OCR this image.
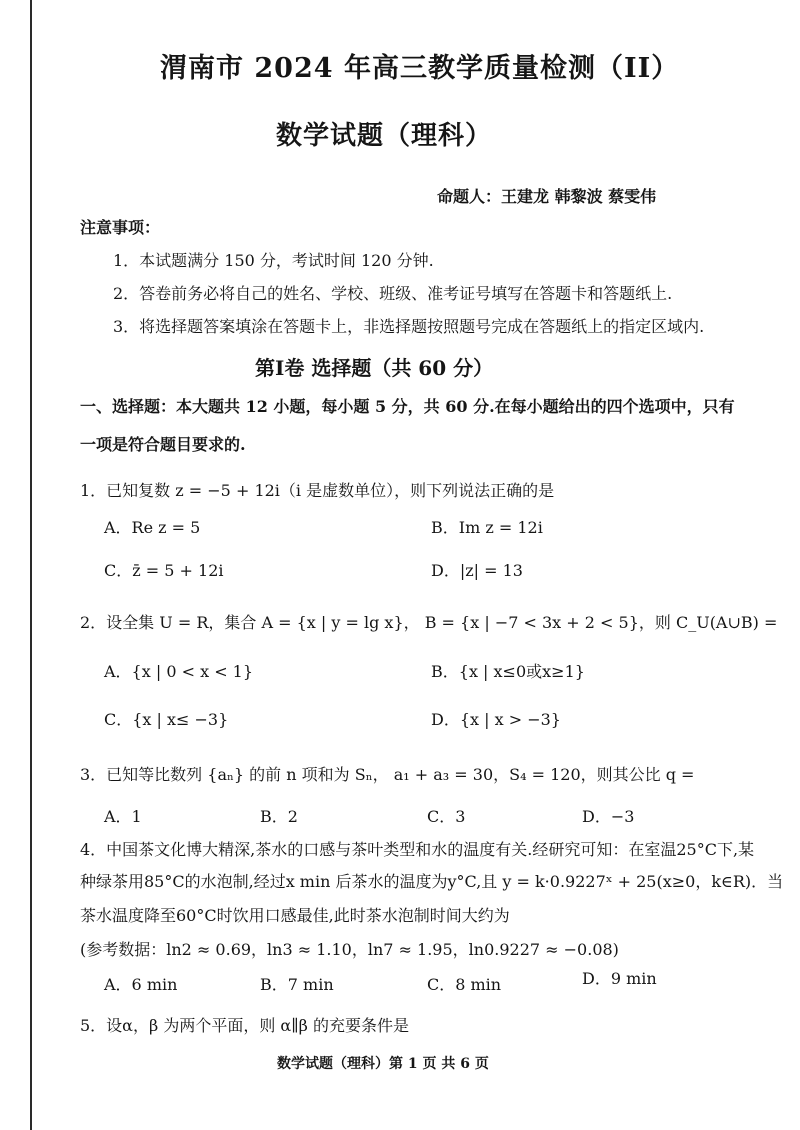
渭南市 2024 年高三教学质量检测（II）
数学试题（理科）
命题人：王建龙 韩黎波 蔡雯伟
注意事项：
1．本试题满分 150 分，考试时间 120 分钟.
2．答卷前务必将自己的姓名、学校、班级、准考证号填写在答题卡和答题纸上.
3．将选择题答案填涂在答题卡上，非选择题按照题号完成在答题纸上的指定区域内.
第Ⅰ卷 选择题（共 60 分）
一、选择题：本大题共 12 小题，每小题 5 分，共 60 分.在每小题给出的四个选项中，只有
一项是符合题目要求的.
1．已知复数 z = −5 + 12i（i 是虚数单位），则下列说法正确的是
A．Re z = 5	B．Im z = 12i
C．z̄ = 5 + 12i	D．|z| = 13
2．设全集 U = R，集合 A = {x | y = lg x}， B = {x | −7 < 3x + 2 < 5}，则 C_U(A∪B) =
A．{x | 0 < x < 1}	B．{x | x≤0或x≥1}
C．{x | x≤ −3}	D．{x | x > −3}
3．已知等比数列 {aₙ} 的前 n 项和为 Sₙ， a₁ + a₃ = 30，S₄ = 120，则其公比 q =
A．1	B．2	C．3	D．−3
4．中国茶文化博大精深,茶水的口感与茶叶类型和水的温度有关.经研究可知：在室温25°C下,某
种绿茶用85°C的水泡制,经过x min 后茶水的温度为y°C,且 y = k·0.9227ˣ + 25(x≥0，k∈R)．当
茶水温度降至60°C时饮用口感最佳,此时茶水泡制时间大约为
(参考数据：ln2 ≈ 0.69，ln3 ≈ 1.10，ln7 ≈ 1.95，ln0.9227 ≈ −0.08)
A．6 min	B．7 min	C．8 min	D．9 min
5．设α，β 为两个平面，则 α∥β 的充要条件是
数学试题（理科）第 1 页 共 6 页
